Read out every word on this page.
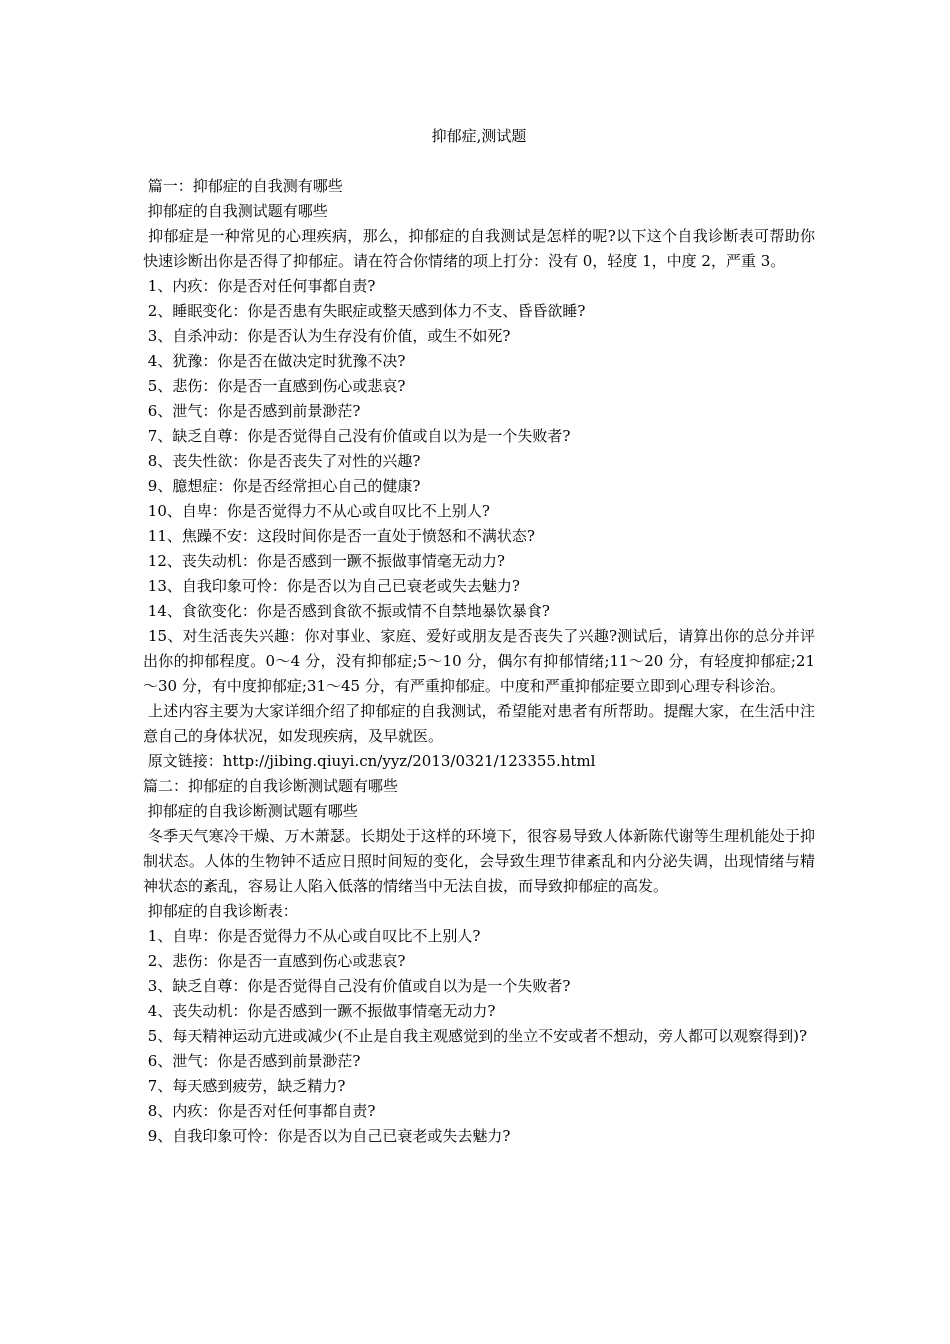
抑郁症,测试题

篇一：抑郁症的自我测有哪些

抑郁症的自我测试题有哪些

抑郁症是一种常见的心理疾病，那么，抑郁症的自我测试是怎样的呢?以下这个自我诊断表可帮助你快速诊断出你是否得了抑郁症。请在符合你情绪的项上打分：没有 0，轻度 1，中度 2，严重 3。

1、内疚：你是否对任何事都自责?

2、睡眠变化：你是否患有失眠症或整天感到体力不支、昏昏欲睡?

3、自杀冲动：你是否认为生存没有价值，或生不如死?

4、犹豫：你是否在做决定时犹豫不决?

5、悲伤：你是否一直感到伤心或悲哀?

6、泄气：你是否感到前景渺茫?

7、缺乏自尊：你是否觉得自己没有价值或自以为是一个失败者?

8、丧失性欲：你是否丧失了对性的兴趣?

9、臆想症：你是否经常担心自己的健康?

10、自卑：你是否觉得力不从心或自叹比不上别人?

11、焦躁不安：这段时间你是否一直处于愤怒和不满状态?

12、丧失动机：你是否感到一蹶不振做事情毫无动力?

13、自我印象可怜：你是否以为自己已衰老或失去魅力?

14、食欲变化：你是否感到食欲不振或情不自禁地暴饮暴食?

15、对生活丧失兴趣：你对事业、家庭、爱好或朋友是否丧失了兴趣?测试后，请算出你的总分并评出你的抑郁程度。0～4 分，没有抑郁症;5～10 分，偶尔有抑郁情绪;11～20 分，有轻度抑郁症;21～30 分，有中度抑郁症;31～45 分，有严重抑郁症。中度和严重抑郁症要立即到心理专科诊治。

上述内容主要为大家详细介绍了抑郁症的自我测试，希望能对患者有所帮助。提醒大家，在生活中注意自己的身体状况，如发现疾病，及早就医。

原文链接：http://jibing.qiuyi.cn/yyz/2013/0321/123355.html

篇二：抑郁症的自我诊断测试题有哪些

抑郁症的自我诊断测试题有哪些

冬季天气寒冷干燥、万木萧瑟。长期处于这样的环境下，很容易导致人体新陈代谢等生理机能处于抑制状态。人体的生物钟不适应日照时间短的变化，会导致生理节律紊乱和内分泌失调，出现情绪与精神状态的紊乱，容易让人陷入低落的情绪当中无法自拔，而导致抑郁症的高发。

抑郁症的自我诊断表：

1、自卑：你是否觉得力不从心或自叹比不上别人?

2、悲伤：你是否一直感到伤心或悲哀?

3、缺乏自尊：你是否觉得自己没有价值或自以为是一个失败者?

4、丧失动机：你是否感到一蹶不振做事情毫无动力?

5、每天精神运动亢进或减少(不止是自我主观感觉到的坐立不安或者不想动，旁人都可以观察得到)?

6、泄气：你是否感到前景渺茫?

7、每天感到疲劳，缺乏精力?

8、内疚：你是否对任何事都自责?

9、自我印象可怜：你是否以为自己已衰老或失去魅力?
